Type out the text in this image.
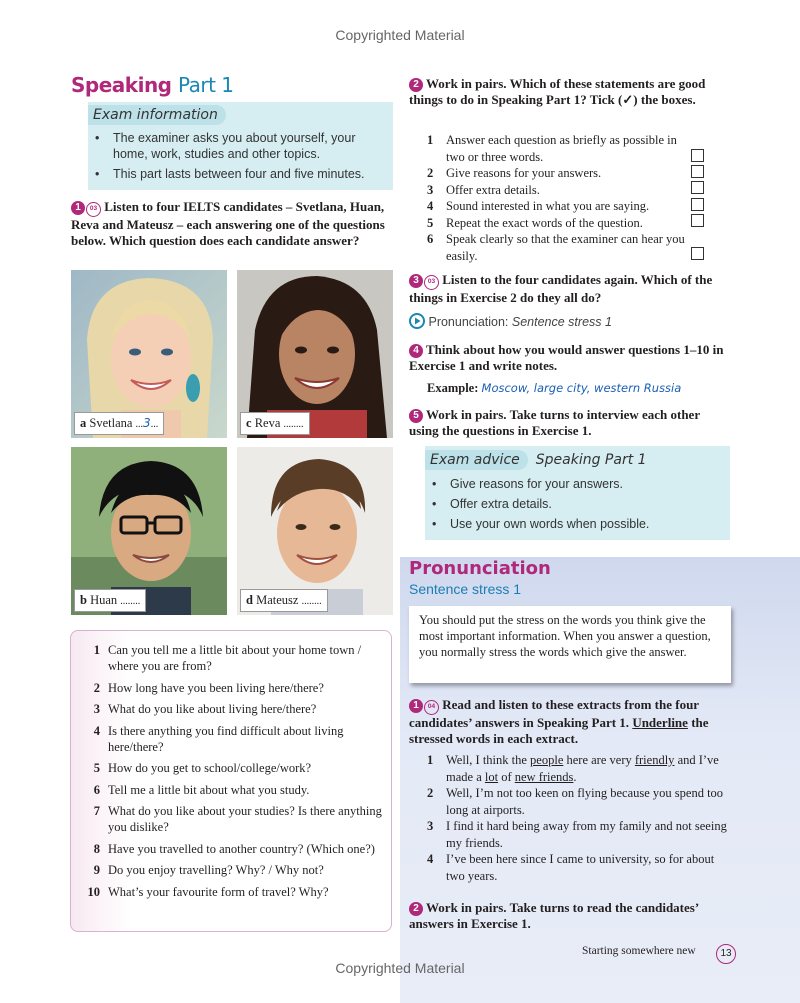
Copyrighted Material
Speaking Part 1
Exam information
• The examiner asks you about yourself, your home, work, studies and other topics.
• This part lasts between four and five minutes.
1 03 Listen to four IELTS candidates – Svetlana, Huan, Reva and Mateusz – each answering one of the questions below. Which question does each candidate answer?
a Svetlana ...3...	c Reva ........
b Huan ........	d Mateusz ........
1 Can you tell me a little bit about your home town / where you are from?
2 How long have you been living here/there?
3 What do you like about living here/there?
4 Is there anything you find difficult about living here/there?
5 How do you get to school/college/work?
6 Tell me a little bit about what you study.
7 What do you like about your studies? Is there anything you dislike?
8 Have you travelled to another country? (Which one?)
9 Do you enjoy travelling? Why? / Why not?
10 What’s your favourite form of travel? Why?
2 Work in pairs. Which of these statements are good things to do in Speaking Part 1? Tick (✓) the boxes.
1 Answer each question as briefly as possible in two or three words.
2 Give reasons for your answers.
3 Offer extra details.
4 Sound interested in what you are saying.
5 Repeat the exact words of the question.
6 Speak clearly so that the examiner can hear you easily.
3 03 Listen to the four candidates again. Which of the things in Exercise 2 do they all do?
Pronunciation: Sentence stress 1
4 Think about how you would answer questions 1–10 in Exercise 1 and write notes.
Example: Moscow, large city, western Russia
5 Work in pairs. Take turns to interview each other using the questions in Exercise 1.
Exam advice Speaking Part 1
• Give reasons for your answers.
• Offer extra details.
• Use your own words when possible.
Pronunciation
Sentence stress 1
You should put the stress on the words you think give the most important information. When you answer a question, you normally stress the words which give the answer.
1 04 Read and listen to these extracts from the four candidates’ answers in Speaking Part 1. Underline the stressed words in each extract.
1 Well, I think the people here are very friendly and I’ve made a lot of new friends.
2 Well, I’m not too keen on flying because you spend too long at airports.
3 I find it hard being away from my family and not seeing my friends.
4 I’ve been here since I came to university, so for about two years.
2 Work in pairs. Take turns to read the candidates’ answers in Exercise 1.
Starting somewhere new	13
Copyrighted Material
